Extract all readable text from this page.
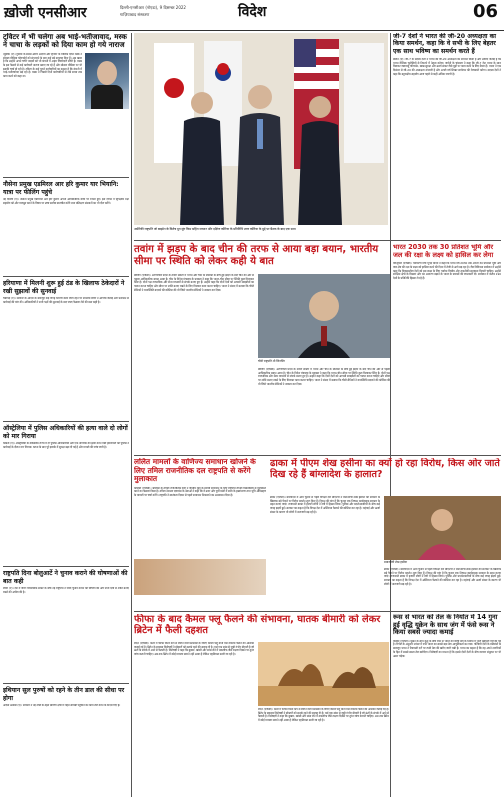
ख़ोजी एनसीआर	दिल्ली-एनसीआर (नोएडा), 9 दिसम्बर 2022
गाज़ियाबाद संस्करण	विदेश	06
ट्विटर में भी चलेगा अब भाई-भतीजावाद, मस्क ने चाचा के लड़कों को दिया काम हो गये नाराज
न्यूयॉर्क (ए)। दुनिया के सबसे अमीर आदमी और ट्विटर के मालिक एलन मस्क ने सोशल मीडिया प्लेटफॉर्म को संभालने के बाद कई बड़े बदलाव किए हैं। अब खबर है कि उन्होंने अपने चचेरे भाइयों को भी कंपनी में अहम जिम्मेदारी सौंपी है। मस्क के इस फैसले से कई कर्मचारी नाराज बताए जा रहे हैं और सोशल मीडिया पर भी इसकी चर्चा हो रही है। ट्विटर के कई पुराने कर्मचारियों का कहना है कि कंपनी में भाई-भतीजावाद बढ़ रहा है। मस्क ने पिछले दिनों कर्मचारियों से लंबे समय तक काम करने को कहा था।
नौसेना प्रमुख एडमिरल आर हरि कुमार यार भियानि: यात्रा पर फीलिंग पहुंचे
नई दिल्ली (ए)। नौसेना प्रमुख एडमिरल आर हरि कुमार अपनी आधिकारिक यात्रा पर रवाना हुए। इस दौरान वे द्विपक्षीय रक्षा सहयोग को और मजबूत करने के विषय पर उच्च स्तरीय बातचीत करेंगे तथा प्रशिक्षण संस्थानों का भी दौरा करेंगे।
हरियाणा में मिलनी शुरू हुई ठंड के खिलाफ ठेकेदारों ने रखी सुझावों की सुनवाई
चंडीगढ़ (ए)। सरकार के आदेश के बावजूद कई जगह निर्माण कार्य जारी रहने पर स्थानीय लोगों ने आपत्ति जताई और प्रशासन से कार्रवाई की मांग की। अधिकारियों ने सभी पक्षों की सुनवाई के बाद जल्द फैसला लेने की बात कही है।
ऑस्ट्रेलिया में पुलिस अधिकारियों की हत्या वाले दो लोगों को मार गिराया
सिडनी (ए)। ऑस्ट्रेलिया के क्वींसलैंड राज्य में दो पुलिस अधिकारियों और एक नागरिक की हत्या करने वाले हमलावरों को पुलिस ने कार्रवाई के दौरान मार गिराया। घटना के बाद पूरे इलाके में सुरक्षा बढ़ा दी गई है और मामले की जांच जारी है।
राष्ट्रपति दिना बोलुआर्टे ने चुनाव कराने की घोषणाओं की बात कही
लीमा (ए)। देश में जारी राजनीतिक संकट के बीच नई राष्ट्रपति ने जल्द चुनाव कराने की घोषणा की और सभी दलों से शांति बनाए रखने की अपील की है।
इथियान सुल पुरुषों को रहने के तीन डाल की सीधा पर होगा
अदीस अबाबा (ए)। सरकार ने नई नीति के तहत ग्रामीण क्षेत्रों में राहत सामग्री पहुंचाने का काम तेज करने के निर्देश दिए हैं।
अमेरिकी राष्ट्रपति जो बाइडेन के विशेष दूत सुंग किम सहित जापान और दक्षिण कोरिया के प्रतिनिधि उत्तर कोरिया के मुद्दे पर बैठक के बाद एक साथ
जी-7 देशों ने भारत की जी-20 अध्यक्षता का किया समर्थन, कहा कि वे सभी के लिए बेहतर एक साथ भविष्य का समर्थन करते हैं
बर्लिन (ए)। जी-7 के सदस्य देशों ने भारत की जी-20 अध्यक्षता का समर्थन किया है और उम्मीद जताई है कि भारत वैश्विक चुनौतियों से निपटने में नेतृत्व करेगा। जर्मनी के चांसलर ने कहा कि जी-7 देश भारत के साथ मिलकर जलवायु परिवर्तन, खाद्य सुरक्षा और ऊर्जा संकट जैसे मुद्दों पर काम करने के लिए तैयार हैं। भारत ने एक दिसंबर से जी-20 की अध्यक्षता संभाली है और अगले वर्ष शिखर सम्मेलन की मेजबानी करेगा। सदस्य देशों ने कहा कि बहुपक्षीय सहयोग आज पहले से कहीं अधिक जरूरी है।
तवांग में झड़प के बाद चीन की तरफ से आया बड़ा बयान, भारतीय सीमा पर स्थिति को लेकर कही ये बात
बीजिंग (एजेंसी)। अरुणाचल प्रदेश के तवांग सेक्टर में भारत और चीन के सैनिकों के बीच हुई झड़प के बाद चीन की ओर से पहला आधिकारिक बयान आया है। चीन के विदेश मंत्रालय के प्रवक्ता ने कहा कि भारत-चीन सीमा पर स्थिति कुल मिलाकर स्थिर है। दोनों पक्ष राजनयिक और सैन्य माध्यमों से संपर्क बनाए हुए हैं। उन्होंने कहा कि दोनों देशों को आपसी समझौतों का पालन करना चाहिए और सीमा पर शांति बनाए रखने के लिए मिलकर काम करना चाहिए। भारत ने संसद में बताया कि चीनी सैनिकों ने यथास्थिति बदलने की कोशिश की थी जिसे भारतीय सैनिकों ने नाकाम कर दिया।
चीनी राष्ट्रपति शी जिनपिंग
बीजिंग (एजेंसी)। अरुणाचल प्रदेश के तवांग सेक्टर में भारत और चीन के सैनिकों के बीच हुई झड़प के बाद चीन की ओर से पहला आधिकारिक बयान आया है। चीन के विदेश मंत्रालय के प्रवक्ता ने कहा कि भारत-चीन सीमा पर स्थिति कुल मिलाकर स्थिर है। दोनों पक्ष राजनयिक और सैन्य माध्यमों से संपर्क बनाए हुए हैं। उन्होंने कहा कि दोनों देशों को आपसी समझौतों का पालन करना चाहिए और सीमा पर शांति बनाए रखने के लिए मिलकर काम करना चाहिए। भारत ने संसद में बताया कि चीनी सैनिकों ने यथास्थिति बदलने की कोशिश की थी जिसे भारतीय सैनिकों ने नाकाम कर दिया।
भारत 2030 तक 30 प्रतिशत भूमि और जल की रक्षा के लक्ष्य को हासिल कर लेगा
मॉन्ट्रियल (एजेंसी)। पर्यावरण मंत्री भूपेंद्र यादव ने कहा कि भारत वर्ष 2030 तक अपनी 30 प्रतिशत भूमि और जल क्षेत्र की रक्षा के लक्ष्य को हासिल करने की दिशा में तेजी से आगे बढ़ रहा है। जैव विविधता सम्मेलन में उन्होंने कहा कि विकासशील देशों को इस लक्ष्य के लिए पर्याप्त वित्तीय और तकनीकी सहायता मिलनी चाहिए। उन्होंने संरक्षित क्षेत्रों के विस्तार और वन आवरण बढ़ाने के भारत के प्रयासों की जानकारी दी। सम्मेलन में करीब 190 देशों के प्रतिनिधि हिस्सा ले रहे हैं।
ललित मामलों के वाणिज्य समाधान खोजने के लिए तमिल राजनीतिक दल राष्ट्रपति से करेंगे मुलाकात
कोलंबो (एजेंसी)। श्रीलंका के तमिल राजनीतिक दलों ने जातीय मुद्दों के स्थायी समाधान के लिए राष्ट्रपति रानिल विक्रमसिंघे से मुलाकात करने का फैसला किया है। तमिल नेशनल एलायंस के नेताओं ने कहा कि वे उत्तर और पूर्वी प्रांतों में सत्ता के हस्तांतरण तथा भूमि अधिग्रहण के मामलों पर चर्चा करेंगे। राष्ट्रपति ने स्वतंत्रता दिवस से पहले समाधान निकालने का आश्वासन दिया है।
ढाका में पीएम शेख हसीना का क्यों हो रहा विरोध, किस ओर जाते दिख रहे हैं बांग्लादेश के हालात?
ढाका (एजेंसी)। बांग्लादेश में आम चुनाव से पहले विपक्षी दल बीएनपी ने प्रधानमंत्री शेख हसीना की सरकार के खिलाफ बड़े पैमाने पर विरोध प्रदर्शन शुरू किए हैं। विपक्ष की मांग है कि चुनाव एक निष्पक्ष कार्यवाहक सरकार के तहत कराए जाएं। राजधानी ढाका में हजारों लोगों ने रैली में हिस्सा लिया। पुलिस और प्रदर्शनकारियों के बीच कई जगह झड़पें हुईं। सरकार का कहना है कि विपक्ष देश में अस्थिरता फैलाने की कोशिश कर रहा है। महंगाई और ऊर्जा संकट के कारण भी लोगों में नाराजगी बढ़ रही है।
प्रधानमंत्री शेख हसीना
ढाका (एजेंसी)। बांग्लादेश में आम चुनाव से पहले विपक्षी दल बीएनपी ने प्रधानमंत्री शेख हसीना की सरकार के खिलाफ बड़े पैमाने पर विरोध प्रदर्शन शुरू किए हैं। विपक्ष की मांग है कि चुनाव एक निष्पक्ष कार्यवाहक सरकार के तहत कराए जाएं। राजधानी ढाका में हजारों लोगों ने रैली में हिस्सा लिया। पुलिस और प्रदर्शनकारियों के बीच कई जगह झड़पें हुईं। सरकार का कहना है कि विपक्ष देश में अस्थिरता फैलाने की कोशिश कर रहा है। महंगाई और ऊर्जा संकट के कारण भी लोगों में नाराजगी बढ़ रही है।
फीफा के बाद कैमल फ्लू फैलने की संभावना, घातक बीमारी को लेकर ब्रिटेन में फैली दहशत
लंदन (एजेंसी)। कतर में फीफा विश्व कप से लौटने वाले प्रशंसकों के जरिए कैमल फ्लू यानी मर्स वायरस फैलने की आशंका जताई गई है। ब्रिटेन के स्वास्थ्य विशेषज्ञों ने डॉक्टरों को सतर्क रहने की सलाह दी है। मर्स एक सांस से जुड़ी गंभीर बीमारी है जो ऊंटों के संपर्क में आने से फैलती है। विशेषज्ञों ने कहा कि बुखार, खांसी और सांस लेने में तकलीफ जैसे लक्षण दिखने पर तुरंत जांच करानी चाहिए। अब तक ब्रिटेन में कोई मामला सामने नहीं आया है लेकिन एहतियात बरती जा रही है।
लंदन (एजेंसी)। कतर में फीफा विश्व कप से लौटने वाले प्रशंसकों के जरिए कैमल फ्लू यानी मर्स वायरस फैलने की आशंका जताई गई है। ब्रिटेन के स्वास्थ्य विशेषज्ञों ने डॉक्टरों को सतर्क रहने की सलाह दी है। मर्स एक सांस से जुड़ी गंभीर बीमारी है जो ऊंटों के संपर्क में आने से फैलती है। विशेषज्ञों ने कहा कि बुखार, खांसी और सांस लेने में तकलीफ जैसे लक्षण दिखने पर तुरंत जांच करानी चाहिए। अब तक ब्रिटेन में कोई मामला सामने नहीं आया है लेकिन एहतियात बरती जा रही है।
रूस से भारत को तेल के निर्यात में 14 गुना हुई वृद्धि यूक्रेन के साथ जंग में फंसे रूस ने किया सबसे ज्यादा कमाई
मॉस्को (एजेंसी)। यूक्रेन के साथ युद्ध के बीच रूस से भारत को कच्चे तेल के निर्यात में भारी बढ़ोतरी दर्ज की गई है। रिपोर्ट के अनुसार नवंबर में रूस भारत का सबसे बड़ा तेल आपूर्तिकर्ता बन गया। पश्चिमी देशों के प्रतिबंधों के बावजूद भारत ने रियायती दरों पर रूसी तेल की खरीद जारी रखी है। भारत का कहना है कि वह अपने नागरिकों के हित में सबसे सस्ता तेल खरीदेगा। विशेषज्ञों का मानना है कि इससे दोनों देशों के बीच व्यापार संतुलन पर भी असर पड़ेगा।
